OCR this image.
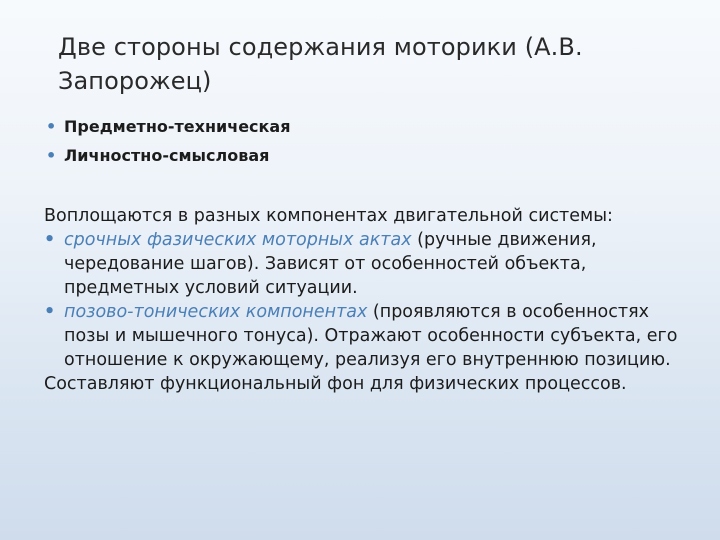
Две стороны содержания моторики (А.В. Запорожец)
• Предметно-техническая
• Личностно-смысловая

Воплощаются в разных компонентах двигательной системы:

• срочных фазических моторных актах (ручные движения, чередование шагов). Зависят от особенностей объекта, предметных условий ситуации.

• позово-тонических компонентах (проявляются в особенностях позы и мышечного тонуса). Отражают особенности субъекта, его отношение к окружающему, реализуя его внутреннюю позицию.

Составляют функциональный фон для физических процессов.
